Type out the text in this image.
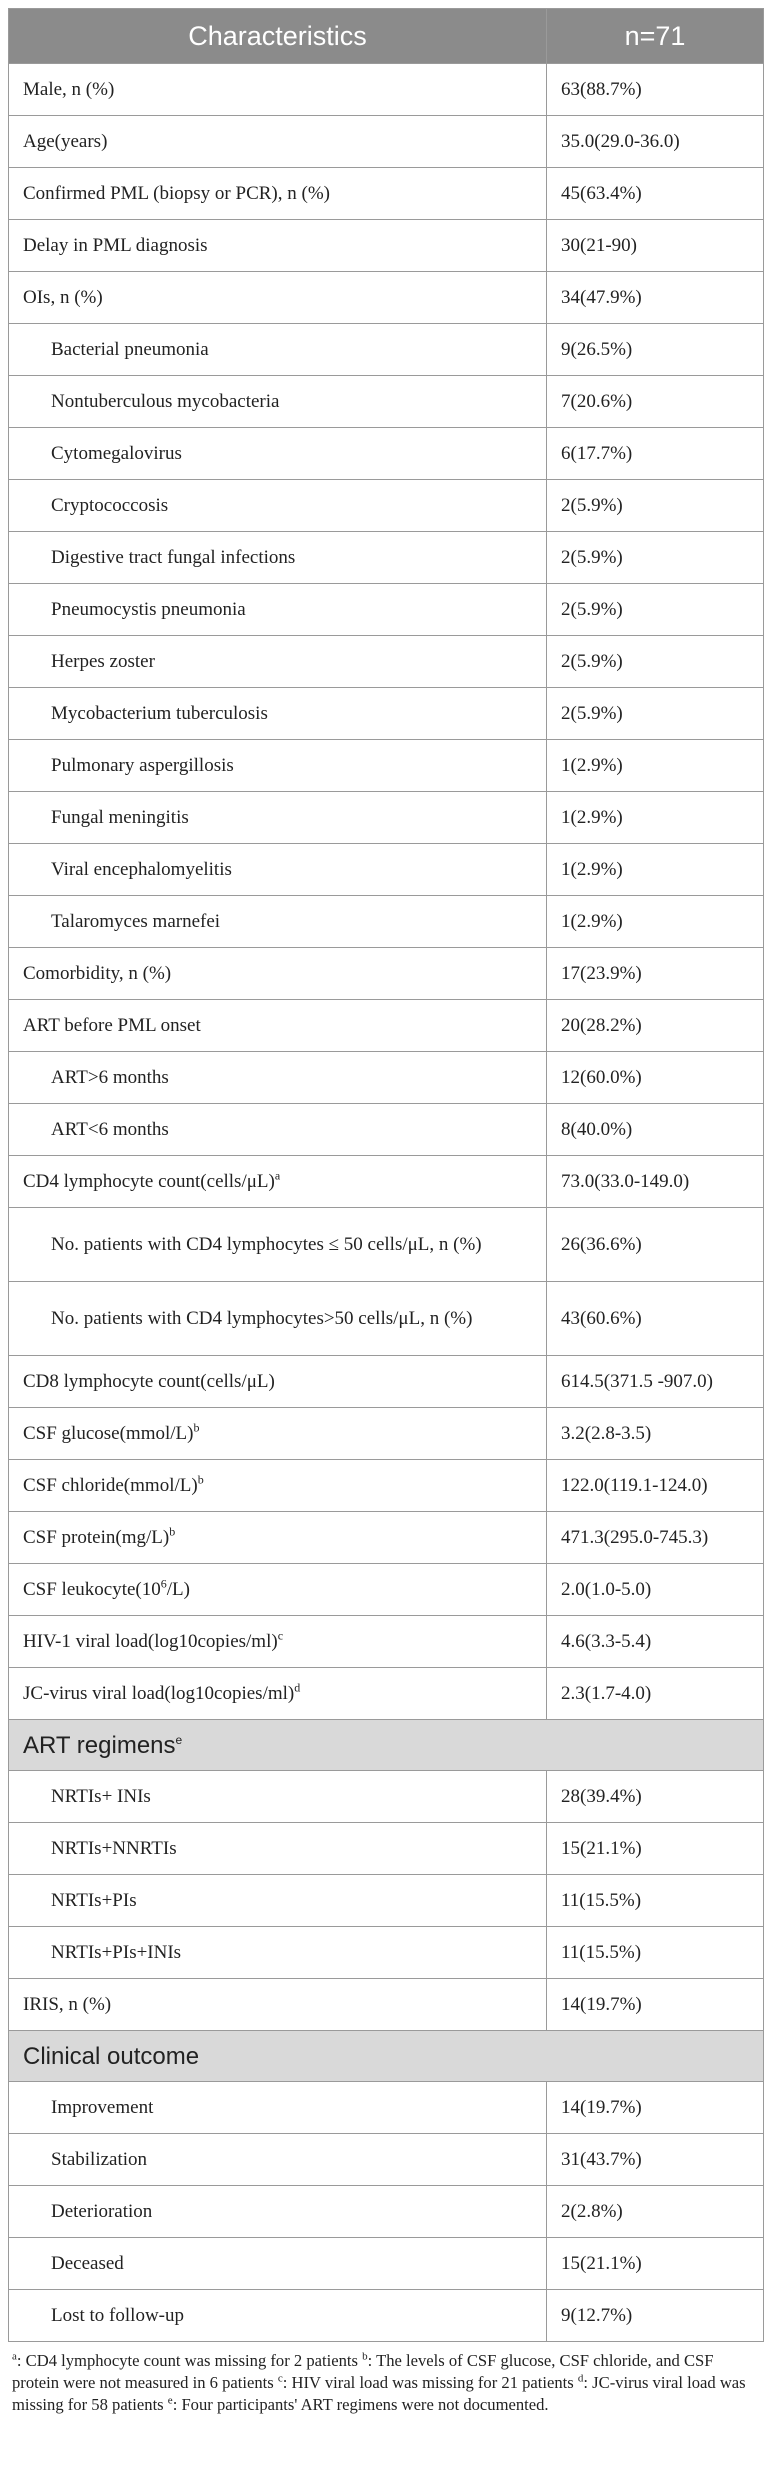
Characteristics	n=71
Male, n (%)	63(88.7%)
Age(years)	35.0(29.0-36.0)
Confirmed PML (biopsy or PCR), n (%)	45(63.4%)
Delay in PML diagnosis	30(21-90)
OIs, n (%)	34(47.9%)
Bacterial pneumonia	9(26.5%)
Nontuberculous mycobacteria	7(20.6%)
Cytomegalovirus	6(17.7%)
Cryptococcosis	2(5.9%)
Digestive tract fungal infections	2(5.9%)
Pneumocystis pneumonia	2(5.9%)
Herpes zoster	2(5.9%)
Mycobacterium tuberculosis	2(5.9%)
Pulmonary aspergillosis	1(2.9%)
Fungal meningitis	1(2.9%)
Viral encephalomyelitis	1(2.9%)
Talaromyces marnefei	1(2.9%)
Comorbidity, n (%)	17(23.9%)
ART before PML onset	20(28.2%)
ART>6 months	12(60.0%)
ART<6 months	8(40.0%)
CD4 lymphocyte count(cells/μL)$^a$	73.0(33.0-149.0)
No. patients with CD4 lymphocytes ≤ 50 cells/μL, n (%)	26(36.6%)
No. patients with CD4 lymphocytes>50 cells/μL, n (%)	43(60.6%)
CD8 lymphocyte count(cells/μL)	614.5(371.5 -907.0)
CSF glucose(mmol/L)$^b$	3.2(2.8-3.5)
CSF chloride(mmol/L)$^b$	122.0(119.1-124.0)
CSF $protein(mg/L)^b$	471.3(295.0-745.3)
CSF $leukocyte(10^6/L)$	2.0(1.0-5.0)
HIV-1 viral load(log10copies/ml)$^c$	4.6(3.3-5.4)
JC-virus viral load(log10copies/ml)$^d$	2.3(1.7-4.0)
ART regimens$^e$
NRTIs+ INIs	28(39.4%)
NRTIs+NNRTIs	15(21.1%)
NRTIs+PIs	11(15.5%)
NRTIs+PIs+INIs	11(15.5%)
IRIS, n (%)	14(19.7%)
Clinical outcome	
Improvement	14(19.7%)
Stabilization	31(43.7%)
Deterioration	2(2.8%)
Deceased	15(21.1%)
Lost to follow-up	9(12.7%)
$^a$: CD4 lymphocyte count was missing for 2 patients $^b$: The levels of CSF glucose, CSF chloride, and CSF protein were not measured in 6 patients $^c$: HIV viral load was missing for 21 patients $^d$: JC-virus viral load was missing for 58 patients $^e$: Four participants' ART regimens were not documented.
